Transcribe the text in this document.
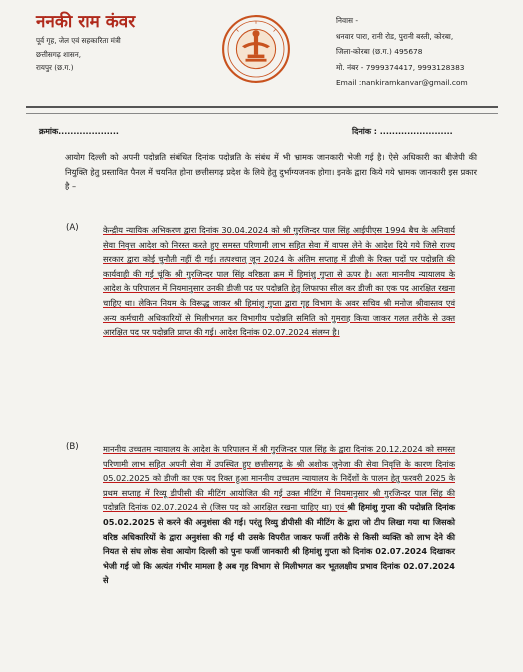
ननकी राम कंवर
पूर्व गृह, जेल एवं सहकारिता मंत्री
छत्तीसगढ़ शासन,
रायपुर (छ.ग.)
निवास -
धनवार पारा, रानी रोड, पुरानी बस्ती, कोरबा,
जिला-कोरबा (छ.ग.) 495678
मो. नंबर - 7999374417, 9993128383
Email :nankiramkanvar@gmail.com
क्रमांक....................	दिनांक : ........................

आयोग दिल्ली को अपनी पदोन्नति संबंधित दिनांक पदोन्नति के संबंध में भी भ्रामक जानकारी भेजी गई है। ऐसे अधिकारी का बीजेपी की नियुक्ति हेतु प्रस्तावित पैनल में चयनित होना छत्तीसगढ़ प्रदेश के लिये हेतु दुर्भाग्यजनक होगा। इनके द्वारा किये गये भ्रामक जानकारी इस प्रकार है –

(A)	केन्द्रीय न्यायिक अभिकरण द्वारा दिनांक 30.04.2024 को श्री गुरजिन्दर पाल सिंह आईपीएस 1994 बैच के अनिवार्य सेवा निवृत्त आदेश को निरस्त करते हुए समस्त परिणामी लाभ सहित सेवा में वापस लेने के आदेश दिये गये जिसे राज्य सरकार द्वारा कोई चुनौती नहीं दी गई। तत्पश्चात् जून 2024 के अंतिम सप्ताह में डीजी के रिक्त पदों पर पदोन्नति की कार्यवाही की गई चूंकि श्री गुरजिन्दर पाल सिंह वरिष्ठता क्रम में हिमांशु गुप्ता से ऊपर है। अतः माननीय न्यायालय के आदेश के परिपालन में नियमानुसार उनकी डीजी पद पर पदोन्नति हेतु लिफाफा सील कर डीजी का एक पद आरक्षित रखना चाहिए था। लेकिन नियम के विरूद्ध जाकर श्री हिमांशु गुप्ता द्वारा गृह विभाग के अवर सचिव श्री मनोज श्रीवास्तव एवं अन्य कर्मचारी अधिकारियों से मिलीभगत कर विभागीय पदोन्नति समिति को गुमराह किया जाकर गलत तरीके से उक्त आरक्षित पद पर पदोन्नति प्राप्त की गई। आदेश दिनांक 02.07.2024 संलग्न है।

(B)	माननीय उच्चतम न्यायालय के आदेश के परिपालन में श्री गुरजिन्दर पाल सिंह के द्वारा दिनांक 20.12.2024 को समस्त परिणामी लाभ सहित अपनी सेवा में उपस्थित हुए छत्तीसगढ़ के श्री अशोक जुनेजा की सेवा निवृत्ति के कारण दिनांक 05.02.2025 को डीजी का एक पद रिक्त हुआ माननीय उच्चतम न्यायालय के निर्देशों के पालन हेतु फरवरी 2025 के प्रथम सप्ताह में रिव्यू डीपीसी की मीटिंग आयोजित की गई उक्त मीटिंग में नियमानुसार श्री गुरजिन्दर पाल सिंह की पदोन्नति दिनांक 02.07.2024 से (जिस पद को आरक्षित रखना चाहिए था) एवं श्री हिमांशु गुप्ता की पदोन्नति दिनांक 05.02.2025 से करने की अनुशंसा की गई। परंतु रिव्यु डीपीसी की मीटिंग के द्वारा जो टीप लिखा गया था जिसको वरिष्ठ अधिकारियों के द्वारा अनुशंसा की गई थी उसके विपरीत जाकर फर्जी तरीके से किसी व्यक्ति को लाभ देने की नियत से संघ लोक सेवा आयोग दिल्ली को पुनः फर्जी जानकारी श्री हिमांशु गुप्ता को दिनांक 02.07.2024 दिखाकर भेजी गई जो कि अत्यंत गंभीर मामला है अब गृह विभाग से मिलीभगत कर भूतलक्षीय प्रभाव दिनांक 02.07.2024 से
